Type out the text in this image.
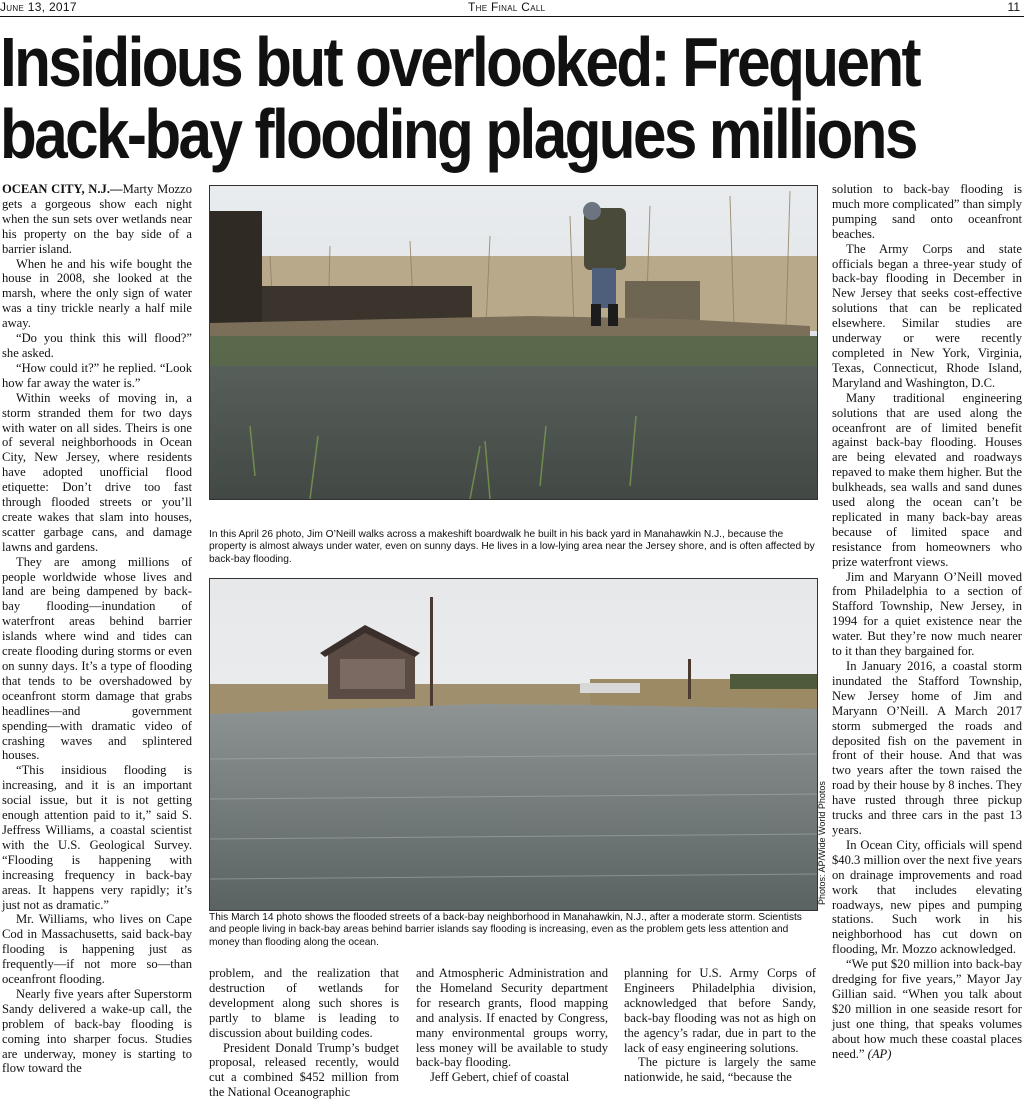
June 13, 2017	The Final Call	11
Insidious but overlooked: Frequent
back-bay flooding plagues millions

OCEAN CITY, N.J.—Marty Mozzo gets a gorgeous show each night when the sun sets over wetlands near his property on the bay side of a barrier island.

When he and his wife bought the house in 2008, she looked at the marsh, where the only sign of water was a tiny trickle nearly a half mile away.

“Do you think this will flood?” she asked.

“How could it?” he replied. “Look how far away the water is.”

Within weeks of moving in, a storm stranded them for two days with water on all sides. Theirs is one of several neighborhoods in Ocean City, New Jersey, where residents have adopted unofficial flood etiquette: Don’t drive too fast through flooded streets or you’ll create wakes that slam into houses, scatter garbage cans, and damage lawns and gardens.

They are among millions of people worldwide whose lives and land are being dampened by back-bay flooding—inundation of waterfront areas behind barrier islands where wind and tides can create flooding during storms or even on sunny days. It’s a type of flooding that tends to be overshadowed by oceanfront storm damage that grabs headlines—and government spending—with dramatic video of crashing waves and splintered houses.

“This insidious flooding is increasing, and it is an important social issue, but it is not getting enough attention paid to it,” said S. Jeffress Williams, a coastal scientist with the U.S. Geological Survey. “Flooding is happening with increasing frequency in back-bay areas. It happens very rapidly; it’s just not as dramatic.”

Mr. Williams, who lives on Cape Cod in Massachusetts, said back-bay flooding is happening just as frequently—if not more so—than oceanfront flooding.

Nearly five years after Superstorm Sandy delivered a wake-up call, the problem of back-bay flooding is coming into sharper focus. Studies are underway, money is starting to flow toward the

In this April 26 photo, Jim O’Neill walks across a makeshift boardwalk he built in his back yard in Manahawkin N.J., because the property is almost always under water, even on sunny days. He lives in a low-lying area near the Jersey shore, and is often affected by back-bay flooding.
Photos: AP/Wide World Photos
This March 14 photo shows the flooded streets of a back-bay neighborhood in Manahawkin, N.J., after a moderate storm. Scientists and people living in back-bay areas behind barrier islands say flooding is increasing, even as the problem gets less attention and money than flooding along the ocean.

problem, and the realization that destruction of wetlands for development along such shores is partly to blame is leading to discussion about building codes.

President Donald Trump’s budget proposal, released recently, would cut a combined $452 million from the National Oceanographic

and Atmospheric Administration and the Homeland Security department for research grants, flood mapping and analysis. If enacted by Congress, many environmental groups worry, less money will be available to study back-bay flooding.

Jeff Gebert, chief of coastal

planning for U.S. Army Corps of Engineers Philadelphia division, acknowledged that before Sandy, back-bay flooding was not as high on the agency’s radar, due in part to the lack of easy engineering solutions.

The picture is largely the same nationwide, he said, “because the

solution to back-bay flooding is much more complicated” than simply pumping sand onto oceanfront beaches.

The Army Corps and state officials began a three-year study of back-bay flooding in December in New Jersey that seeks cost-effective solutions that can be replicated elsewhere. Similar studies are underway or were recently completed in New York, Virginia, Texas, Connecticut, Rhode Island, Maryland and Washington, D.C.

Many traditional engineering solutions that are used along the oceanfront are of limited benefit against back-bay flooding. Houses are being elevated and roadways repaved to make them higher. But the bulkheads, sea walls and sand dunes used along the ocean can’t be replicated in many back-bay areas because of limited space and resistance from homeowners who prize waterfront views.

Jim and Maryann O’Neill moved from Philadelphia to a section of Stafford Township, New Jersey, in 1994 for a quiet existence near the water. But they’re now much nearer to it than they bargained for.

In January 2016, a coastal storm inundated the Stafford Township, New Jersey home of Jim and Maryann O’Neill. A March 2017 storm submerged the roads and deposited fish on the pavement in front of their house. And that was two years after the town raised the road by their house by 8 inches. They have rusted through three pickup trucks and three cars in the past 13 years.

In Ocean City, officials will spend $40.3 million over the next five years on drainage improvements and road work that includes elevating roadways, new pipes and pumping stations. Such work in his neighborhood has cut down on flooding, Mr. Mozzo acknowledged.

“We put $20 million into back-bay dredging for five years,” Mayor Jay Gillian said. “When you talk about $20 million in one seaside resort for just one thing, that speaks volumes about how much these coastal places need.” (AP)
